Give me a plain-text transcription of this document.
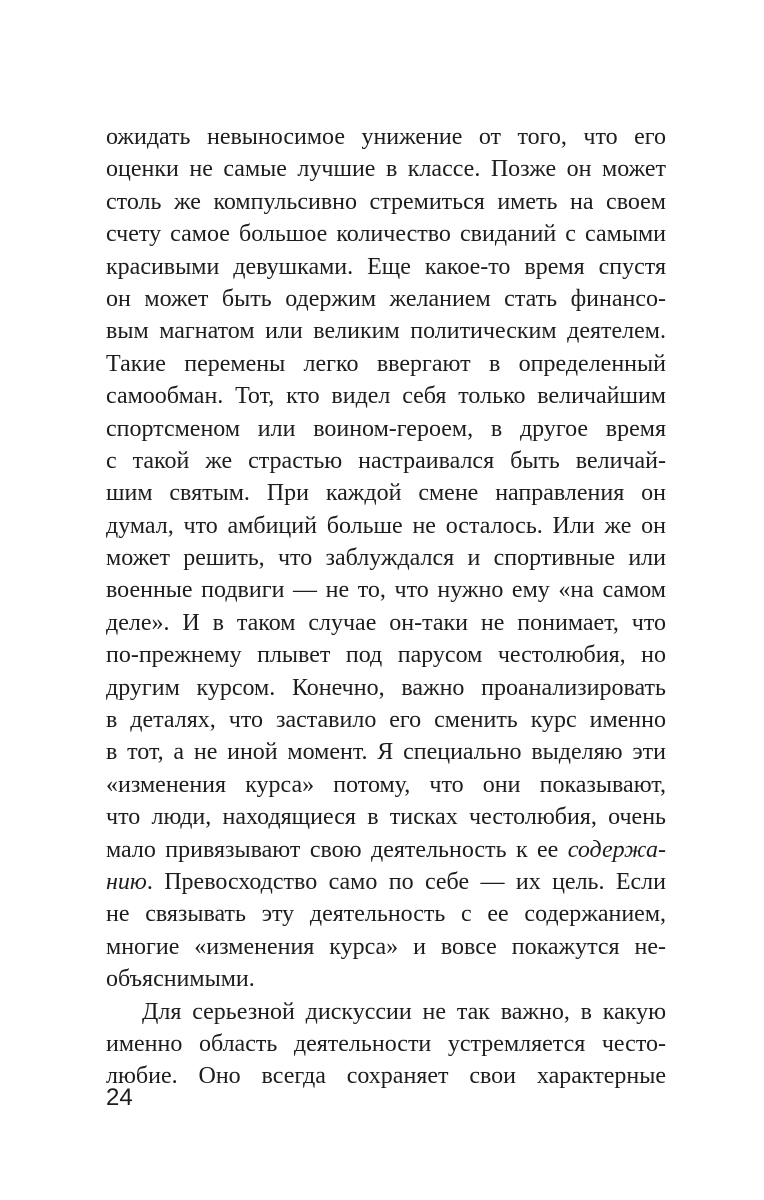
ожидать невыносимое унижение от того, что его
оценки не самые лучшие в классе. Позже он может
столь же компульсивно стремиться иметь на своем
счету самое большое количество свиданий с самыми
красивыми девушками. Еще какое-то время спустя
он может быть одержим желанием стать финансо-
вым магнатом или великим политическим деятелем.
Такие перемены легко ввергают в определенный
самообман. Тот, кто видел себя только величайшим
спортсменом или воином-героем, в другое время
с такой же страстью настраивался быть величай-
шим святым. При каждой смене направления он
думал, что амбиций больше не осталось. Или же он
может решить, что заблуждался и спортивные или
военные подвиги — не то, что нужно ему «на самом
деле». И в таком случае он-таки не понимает, что
по-прежнему плывет под парусом честолюбия, но
другим курсом. Конечно, важно проанализировать
в деталях, что заставило его сменить курс именно
в тот, а не иной момент. Я специально выделяю эти
«изменения курса» потому, что они показывают,
что люди, находящиеся в тисках честолюбия, очень
мало привязывают свою деятельность к ее содержа-
нию. Превосходство само по себе — их цель. Если
не связывать эту деятельность с ее содержанием,
многие «изменения курса» и вовсе покажутся не-
объяснимыми.
Для серьезной дискуссии не так важно, в какую
именно область деятельности устремляется често-
любие. Оно всегда сохраняет свои характерные
24
